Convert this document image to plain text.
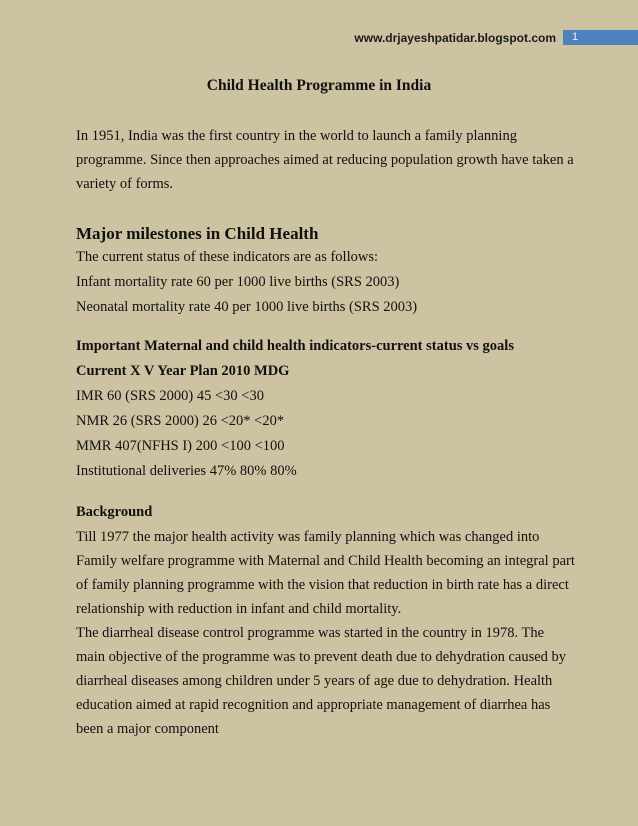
www.drjayeshpatidar.blogspot.com	1
Child Health Programme in India

In 1951, India was the first country in the world to launch a family planning programme. Since then approaches aimed at reducing population growth have taken a variety of forms.

Major milestones in Child Health

The current status of these indicators are as follows:

Infant mortality rate 60 per 1000 live births (SRS 2003)

Neonatal mortality rate 40 per 1000 live births (SRS 2003)

Important Maternal and child health indicators-current status vs goals

Current X V Year Plan 2010 MDG

IMR 60 (SRS 2000) 45 <30 <30

NMR 26 (SRS 2000) 26 <20* <20*

MMR 407(NFHS I) 200 <100 <100

Institutional deliveries 47% 80% 80%

Background

Till 1977 the major health activity was family planning which was changed into Family welfare programme with Maternal and Child Health becoming an integral part of family planning programme with the vision that reduction in birth rate has a direct relationship with reduction in infant and child mortality.

The diarrheal disease control programme was started in the country in 1978. The main objective of the programme was to prevent death due to dehydration caused by diarrheal diseases among children under 5 years of age due to dehydration. Health education aimed at rapid recognition and appropriate management of diarrhea has been a major component
